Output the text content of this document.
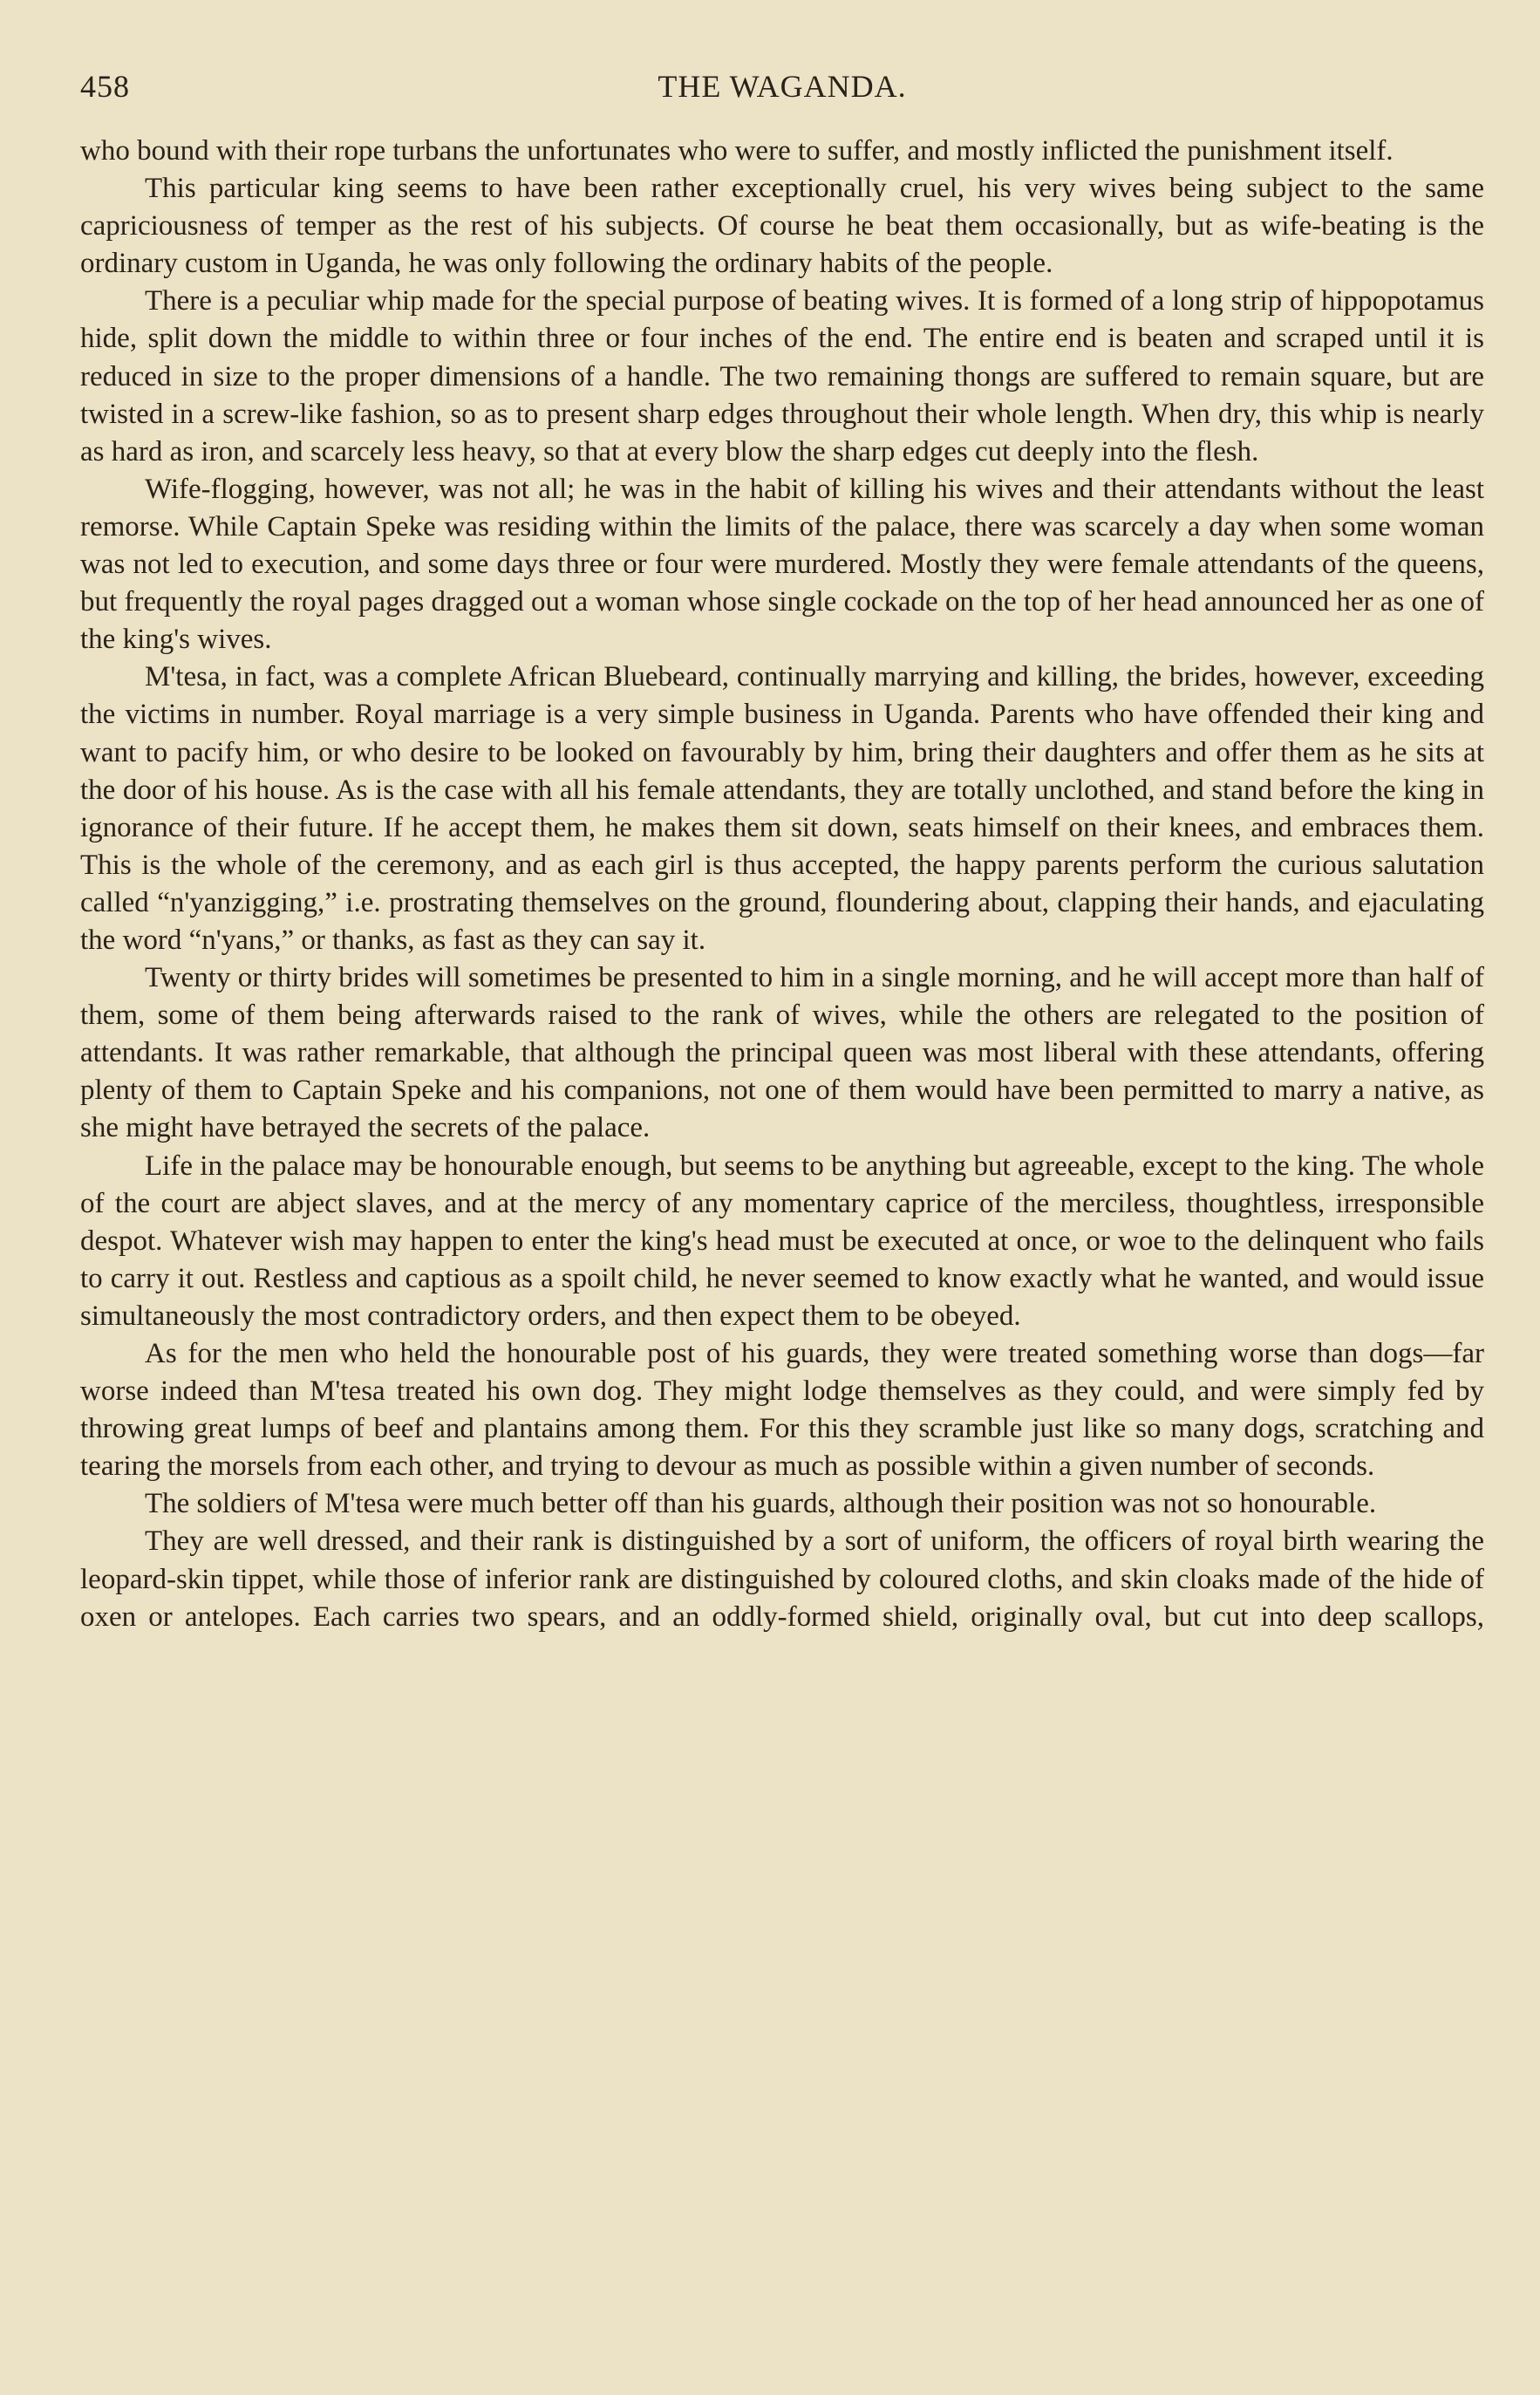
458	THE WAGANDA.

who bound with their rope turbans the unfortunates who were to suffer, and mostly inflicted the punishment itself.

This particular king seems to have been rather exceptionally cruel, his very wives being subject to the same capriciousness of temper as the rest of his subjects. Of course he beat them occasionally, but as wife-beating is the ordinary custom in Uganda, he was only following the ordinary habits of the people.

There is a peculiar whip made for the special purpose of beating wives. It is formed of a long strip of hippopotamus hide, split down the middle to within three or four inches of the end. The entire end is beaten and scraped until it is reduced in size to the proper dimensions of a handle. The two remaining thongs are suffered to remain square, but are twisted in a screw-like fashion, so as to present sharp edges throughout their whole length. When dry, this whip is nearly as hard as iron, and scarcely less heavy, so that at every blow the sharp edges cut deeply into the flesh.

Wife-flogging, however, was not all; he was in the habit of killing his wives and their attendants without the least remorse. While Captain Speke was residing within the limits of the palace, there was scarcely a day when some woman was not led to execution, and some days three or four were murdered. Mostly they were female attendants of the queens, but frequently the royal pages dragged out a woman whose single cockade on the top of her head announced her as one of the king's wives.

M'tesa, in fact, was a complete African Bluebeard, continually marrying and killing, the brides, however, exceeding the victims in number. Royal marriage is a very simple business in Uganda. Parents who have offended their king and want to pacify him, or who desire to be looked on favourably by him, bring their daughters and offer them as he sits at the door of his house. As is the case with all his female attendants, they are totally unclothed, and stand before the king in ignorance of their future. If he accept them, he makes them sit down, seats himself on their knees, and embraces them. This is the whole of the ceremony, and as each girl is thus accepted, the happy parents perform the curious salutation called “n'yanzigging,” i.e. prostrating themselves on the ground, floundering about, clapping their hands, and ejaculating the word “n'yans,” or thanks, as fast as they can say it.

Twenty or thirty brides will sometimes be presented to him in a single morning, and he will accept more than half of them, some of them being afterwards raised to the rank of wives, while the others are relegated to the position of attendants. It was rather remarkable, that although the principal queen was most liberal with these attendants, offering plenty of them to Captain Speke and his companions, not one of them would have been permitted to marry a native, as she might have betrayed the secrets of the palace.

Life in the palace may be honourable enough, but seems to be anything but agreeable, except to the king. The whole of the court are abject slaves, and at the mercy of any momentary caprice of the merciless, thoughtless, irresponsible despot. Whatever wish may happen to enter the king's head must be executed at once, or woe to the delinquent who fails to carry it out. Restless and captious as a spoilt child, he never seemed to know exactly what he wanted, and would issue simultaneously the most contradictory orders, and then expect them to be obeyed.

As for the men who held the honourable post of his guards, they were treated something worse than dogs—far worse indeed than M'tesa treated his own dog. They might lodge themselves as they could, and were simply fed by throwing great lumps of beef and plantains among them. For this they scramble just like so many dogs, scratching and tearing the morsels from each other, and trying to devour as much as possible within a given number of seconds.

The soldiers of M'tesa were much better off than his guards, although their position was not so honourable.

They are well dressed, and their rank is distinguished by a sort of uniform, the officers of royal birth wearing the leopard-skin tippet, while those of inferior rank are distinguished by coloured cloths, and skin cloaks made of the hide of oxen or antelopes. Each carries two spears, and an oddly-formed shield, originally oval, but cut into deep scallops,
